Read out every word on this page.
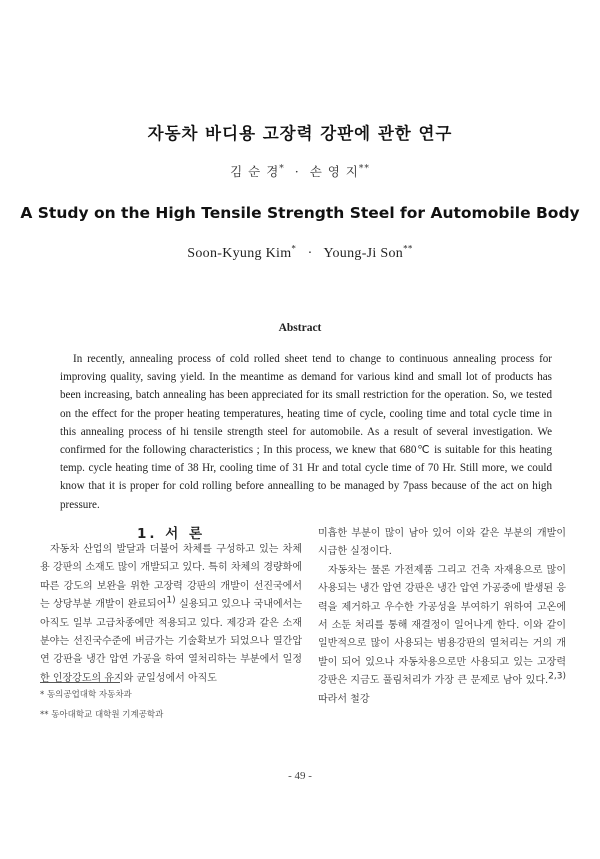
자동차 바디용 고장력 강판에 관한 연구
김 순 경* · 손 영 지**
A Study on the High Tensile Strength Steel for Automobile Body
Soon-Kyung Kim* · Young-Ji Son**
Abstract
In recently, annealing process of cold rolled sheet tend to change to continuous annealing process for improving quality, saving yield. In the meantime as demand for various kind and small lot of products has been increasing, batch annealing has been appreciated for its small restriction for the operation. So, we tested on the effect for the proper heating temperatures, heating time of cycle, cooling time and total cycle time in this annealing process of hi tensile strength steel for automobile. As a result of several investigation. We confirmed for the following characteristics ; In this process, we knew that 680℃ is suitable for this heating temp. cycle heating time of 38 Hr, cooling time of 31 Hr and total cycle time of 70 Hr. Still more, we could know that it is proper for cold rolling before annealling to be managed by 7pass because of the act on high pressure.
1. 서 론

자동차 산업의 발달과 더불어 차체를 구성하고 있는 차체용 강판의 소재도 많이 개발되고 있다. 특히 차체의 경량화에 따른 강도의 보완을 위한 고장력 강판의 개발이 선진국에서는 상당부분 개발이 완료되어$^{1)}$ 실용되고 있으나 국내에서는 아직도 일부 고급차종에만 적용되고 있다. 제강과 같은 소재분야는 선진국수준에 버금가는 기술확보가 되었으나 열간압연 강판을 냉간 압연 가공을 하여 열처리하는 부분에서 일정한 인장강도의 유지와 균일성에서 아직도

미흡한 부분이 많이 남아 있어 이와 같은 부분의 개발이 시급한 실정이다.

자동차는 물론 가전제품 그리고 건축 자재용으로 많이 사용되는 냉간 압연 강판은 냉간 압연 가공중에 발생된 응력을 제거하고 우수한 가공성을 부여하기 위하여 고온에서 소둔 처리를 통해 재결정이 일어나게 한다. 이와 같이 일반적으로 많이 사용되는 범용강판의 열처리는 거의 개발이 되어 있으나 자동차용으로만 사용되고 있는 고장력 강판은 지금도 풀림처리가 가장 큰 문제로 남아 있다.$^{2,3)}$ 따라서 철강

* 동의공업대학 자동차과
** 동아대학교 대학원 기계공학과
- 49 -
